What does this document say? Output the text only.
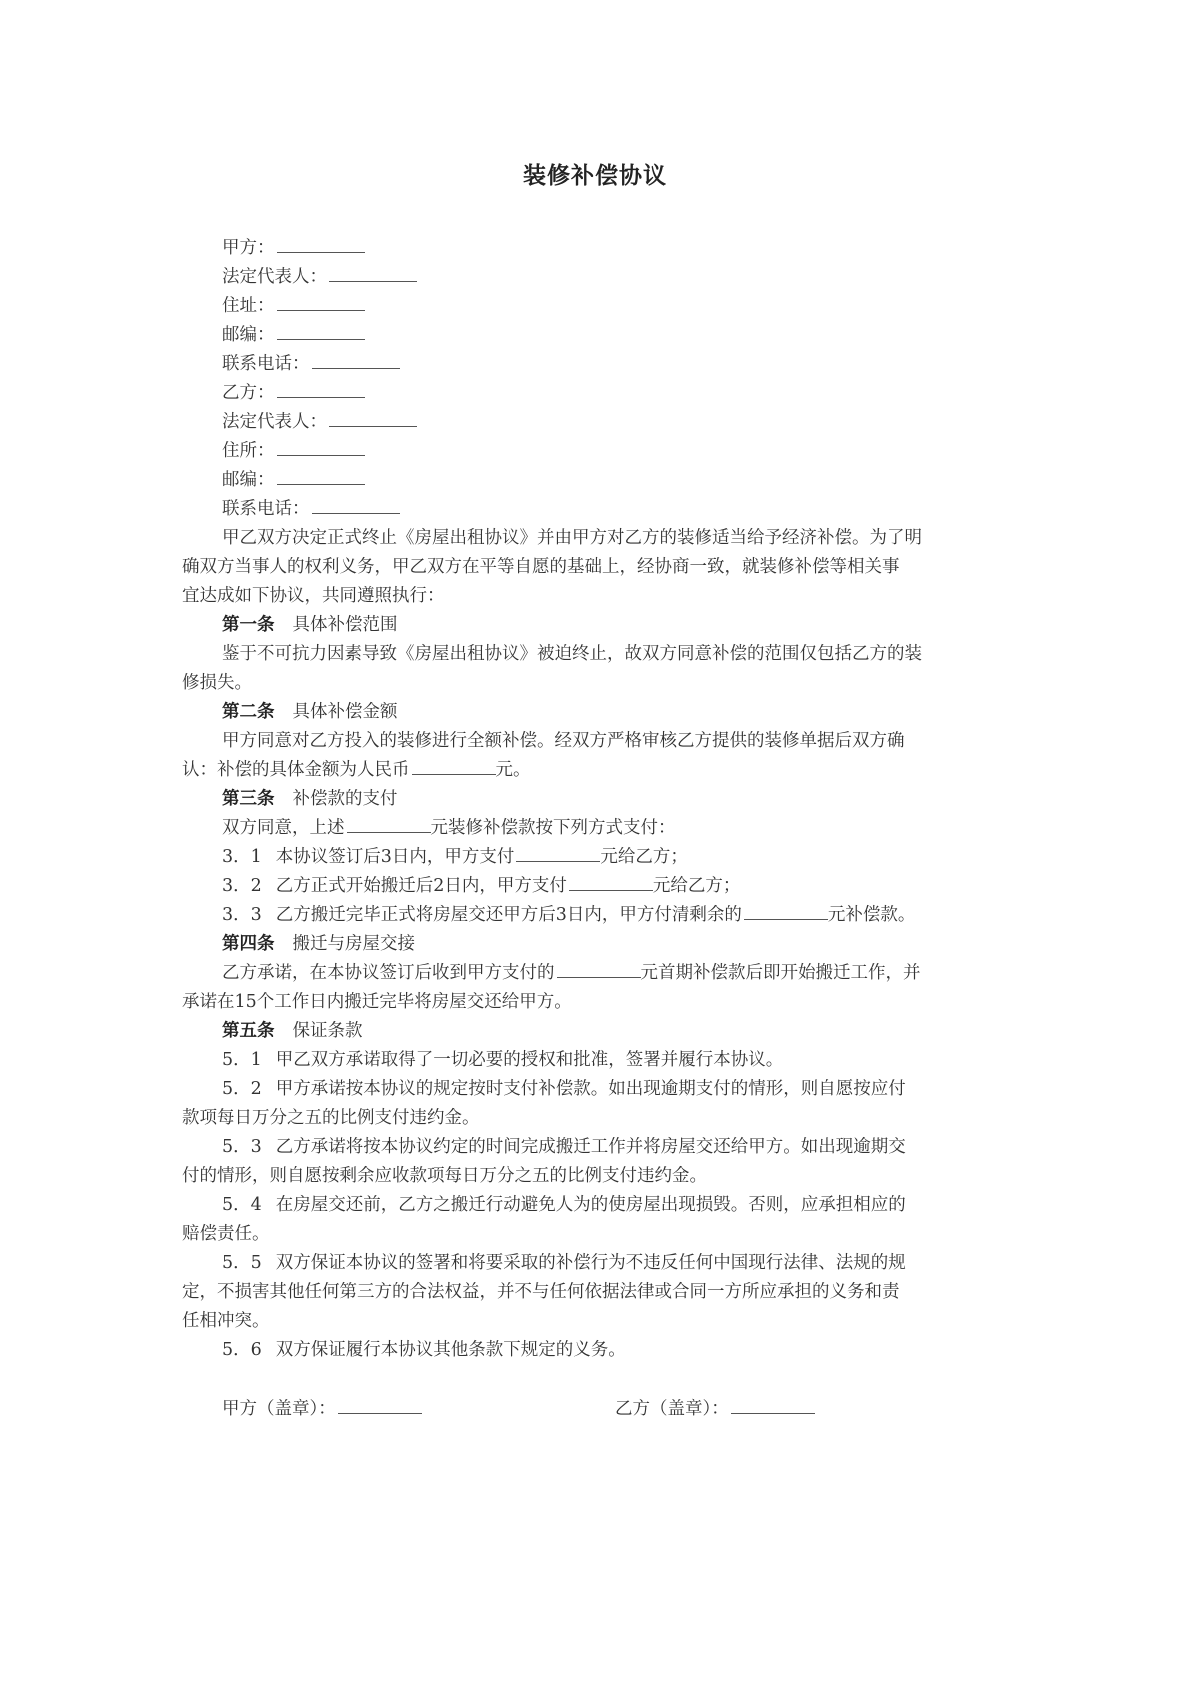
装修补偿协议
甲方：
法定代表人：
住址：
邮编：
联系电话：
乙方：
法定代表人：
住所：
邮编：
联系电话：
甲乙双方决定正式终止《房屋出租协议》并由甲方对乙方的装修适当给予经济补偿。为了明
确双方当事人的权利义务，甲乙双方在平等自愿的基础上，经协商一致，就装修补偿等相关事
宜达成如下协议，共同遵照执行：
第一条 具体补偿范围
鉴于不可抗力因素导致《房屋出租协议》被迫终止，故双方同意补偿的范围仅包括乙方的装
修损失。
第二条 具体补偿金额
甲方同意对乙方投入的装修进行全额补偿。经双方严格审核乙方提供的装修单据后双方确
认：补偿的具体金额为人民币	元。
第三条 补偿款的支付
双方同意，上述	元装修补偿款按下列方式支付：
3．1 本协议签订后3日内，甲方支付	元给乙方；
3．2 乙方正式开始搬迁后2日内，甲方支付	元给乙方；
3．3 乙方搬迁完毕正式将房屋交还甲方后3日内，甲方付清剩余的	元补偿款。
第四条 搬迁与房屋交接
乙方承诺，在本协议签订后收到甲方支付的	元首期补偿款后即开始搬迁工作，并
承诺在15个工作日内搬迁完毕将房屋交还给甲方。
第五条 保证条款
5．1 甲乙双方承诺取得了一切必要的授权和批准，签署并履行本协议。
5．2 甲方承诺按本协议的规定按时支付补偿款。如出现逾期支付的情形，则自愿按应付
款项每日万分之五的比例支付违约金。
5．3 乙方承诺将按本协议约定的时间完成搬迁工作并将房屋交还给甲方。如出现逾期交
付的情形，则自愿按剩余应收款项每日万分之五的比例支付违约金。
5．4 在房屋交还前，乙方之搬迁行动避免人为的使房屋出现损毁。否则，应承担相应的
赔偿责任。
5．5 双方保证本协议的签署和将要采取的补偿行为不违反任何中国现行法律、法规的规
定，不损害其他任何第三方的合法权益，并不与任何依据法律或合同一方所应承担的义务和责
任相冲突。
5．6 双方保证履行本协议其他条款下规定的义务。
甲方（盖章）：	乙方（盖章）：
